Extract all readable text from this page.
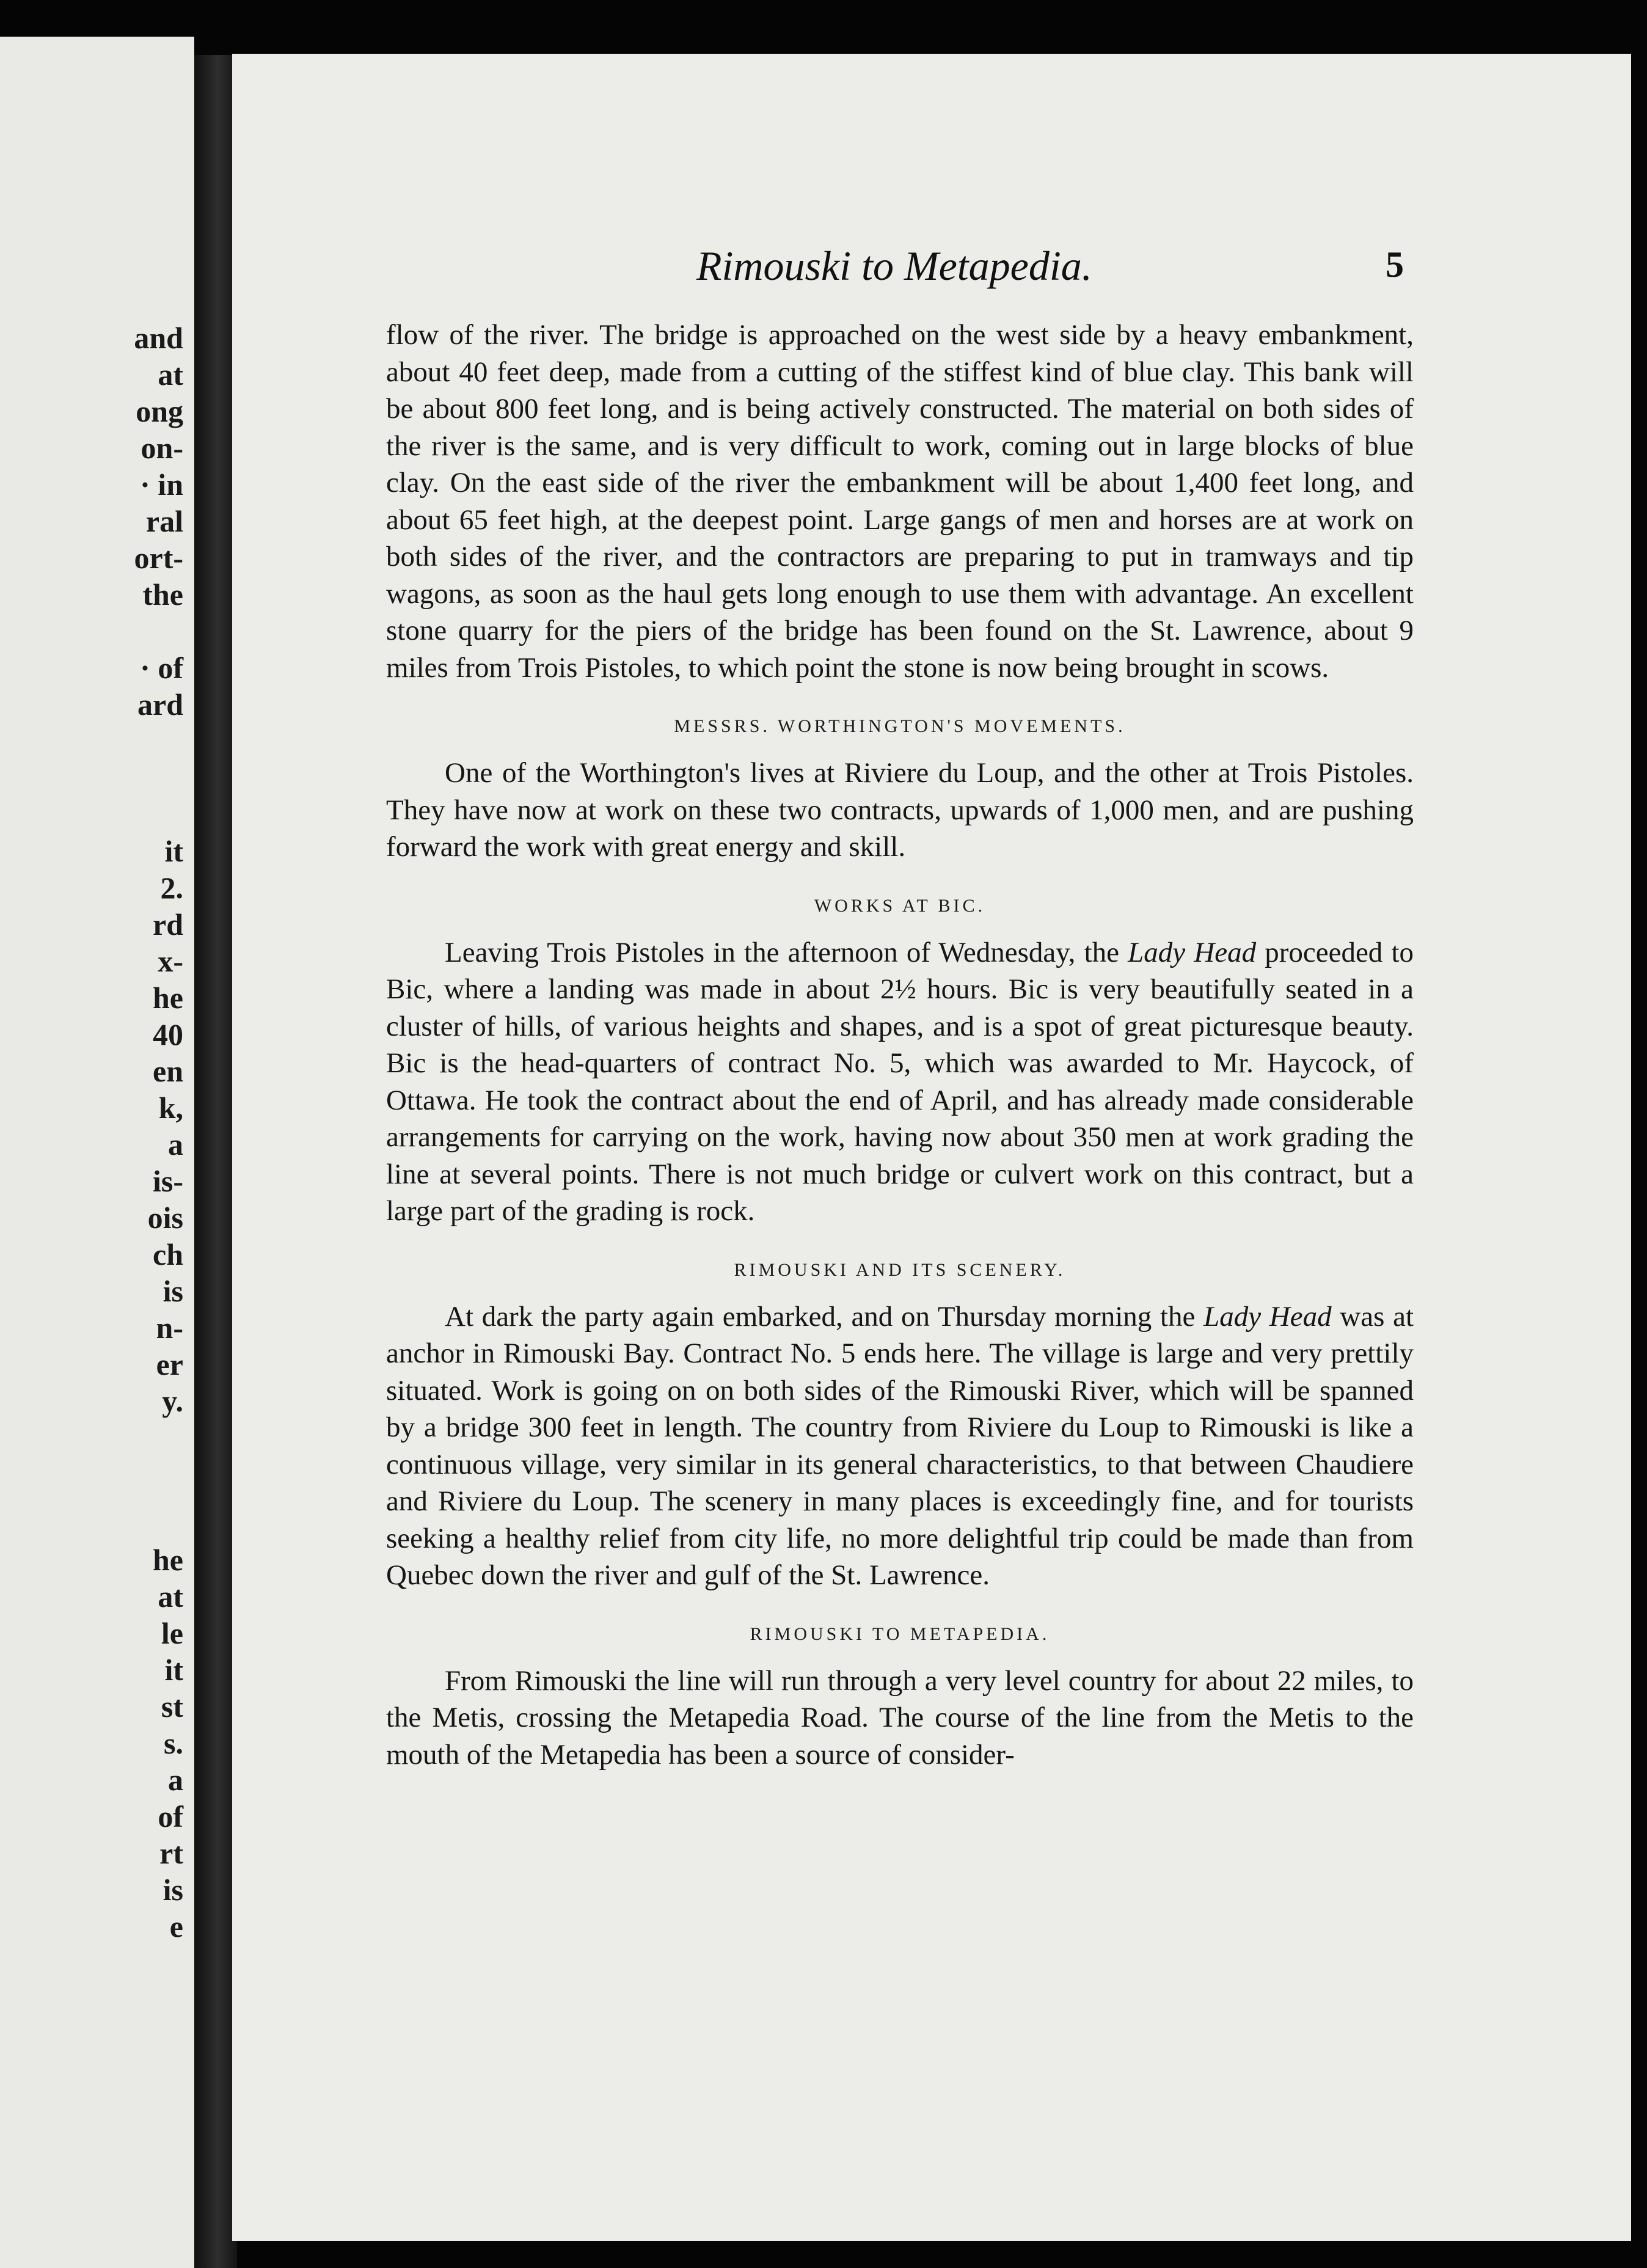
and
at
ong
on-
· in
ral
ort-
the
· of
ard
it
2.
rd
x-
he
40
en
k,
a
is-
ois
ch
is
n-
er
y.
he
at
le
it
st
s.
a
of
rt
is
e
Rimouski to Metapedia.	5

flow of the river. The bridge is approached on the west side by a heavy embankment, about 40 feet deep, made from a cutting of the stiffest kind of blue clay. This bank will be about 800 feet long, and is being actively constructed. The material on both sides of the river is the same, and is very difficult to work, coming out in large blocks of blue clay. On the east side of the river the embankment will be about 1,400 feet long, and about 65 feet high, at the deepest point. Large gangs of men and horses are at work on both sides of the river, and the contractors are preparing to put in tramways and tip wagons, as soon as the haul gets long enough to use them with advantage. An excellent stone quarry for the piers of the bridge has been found on the St. Lawrence, about 9 miles from Trois Pistoles, to which point the stone is now being brought in scows.

MESSRS. WORTHINGTON'S MOVEMENTS.

One of the Worthington's lives at Riviere du Loup, and the other at Trois Pistoles. They have now at work on these two contracts, upwards of 1,000 men, and are pushing forward the work with great energy and skill.

WORKS AT BIC.

Leaving Trois Pistoles in the afternoon of Wednesday, the Lady Head proceeded to Bic, where a landing was made in about 2½ hours. Bic is very beautifully seated in a cluster of hills, of various heights and shapes, and is a spot of great picturesque beauty. Bic is the head-quarters of contract No. 5, which was awarded to Mr. Haycock, of Ottawa. He took the contract about the end of April, and has already made considerable arrangements for carrying on the work, having now about 350 men at work grading the line at several points. There is not much bridge or culvert work on this contract, but a large part of the grading is rock.

RIMOUSKI AND ITS SCENERY.

At dark the party again embarked, and on Thursday morning the Lady Head was at anchor in Rimouski Bay. Contract No. 5 ends here. The village is large and very prettily situated. Work is going on on both sides of the Rimouski River, which will be spanned by a bridge 300 feet in length. The country from Riviere du Loup to Rimouski is like a continuous village, very similar in its general characteristics, to that between Chaudiere and Riviere du Loup. The scenery in many places is exceedingly fine, and for tourists seeking a healthy relief from city life, no more delightful trip could be made than from Quebec down the river and gulf of the St. Lawrence.

RIMOUSKI TO METAPEDIA.

From Rimouski the line will run through a very level country for about 22 miles, to the Metis, crossing the Metapedia Road. The course of the line from the Metis to the mouth of the Metapedia has been a source of consider-
